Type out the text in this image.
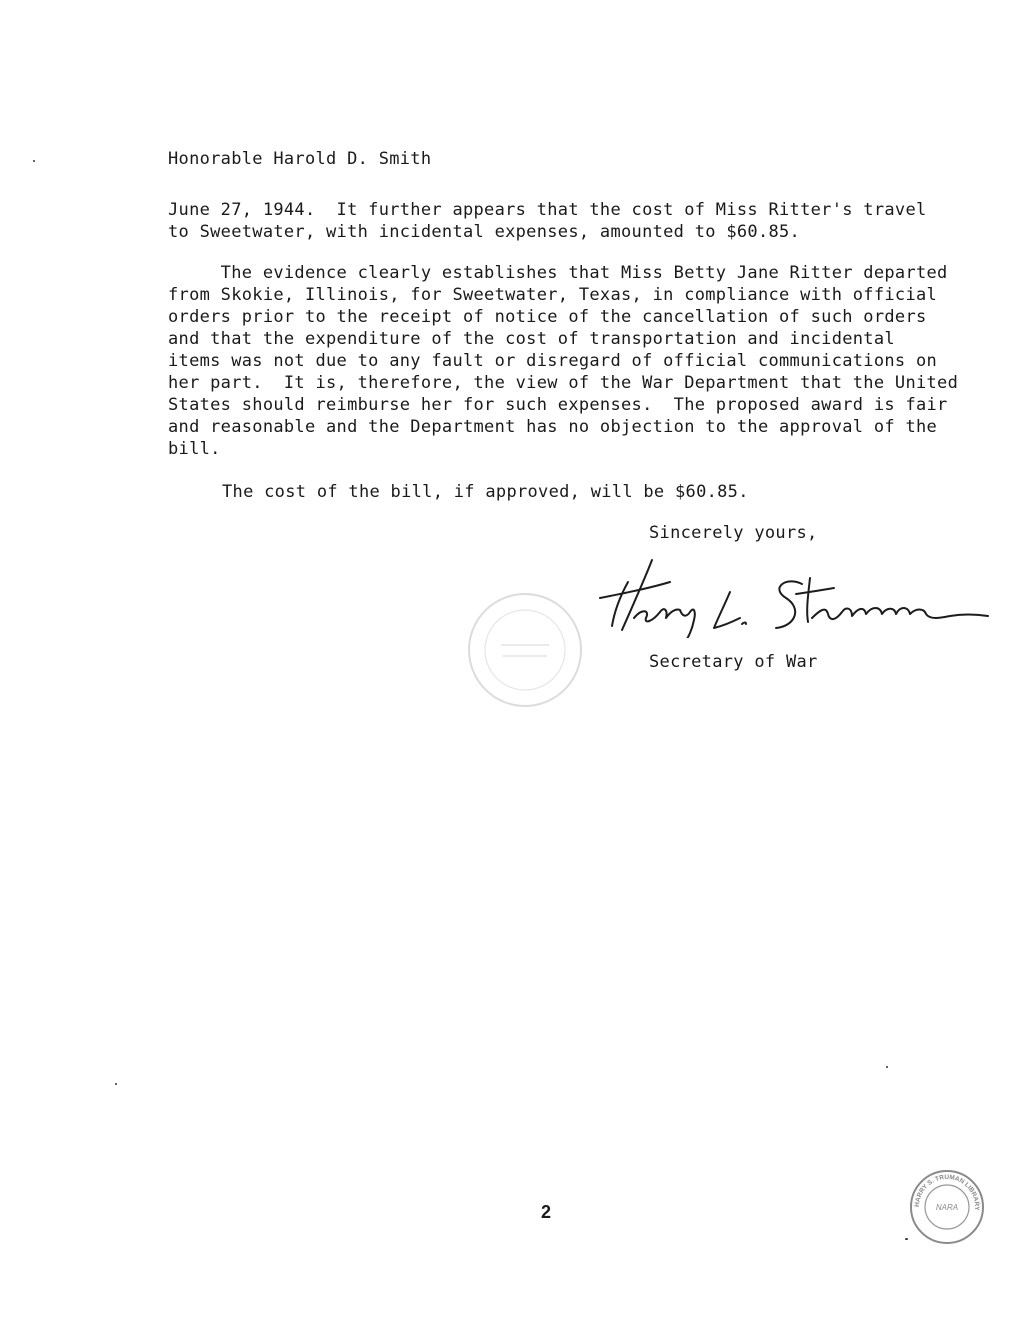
Honorable Harold D. Smith

June 27, 1944.  It further appears that the cost of Miss Ritter's travel
to Sweetwater, with incidental expenses, amounted to $60.85.

The evidence clearly establishes that Miss Betty Jane Ritter departed
from Skokie, Illinois, for Sweetwater, Texas, in compliance with official
orders prior to the receipt of notice of the cancellation of such orders
and that the expenditure of the cost of transportation and incidental
items was not due to any fault or disregard of official communications on
her part.  It is, therefore, the view of the War Department that the United
States should reimburse her for such expenses.  The proposed award is fair
and reasonable and the Department has no objection to the approval of the
bill.

The cost of the bill, if approved, will be $60.85.

Sincerely yours,

Secretary of War

2	HARRY S. TRUMAN LIBRARY
NARA
